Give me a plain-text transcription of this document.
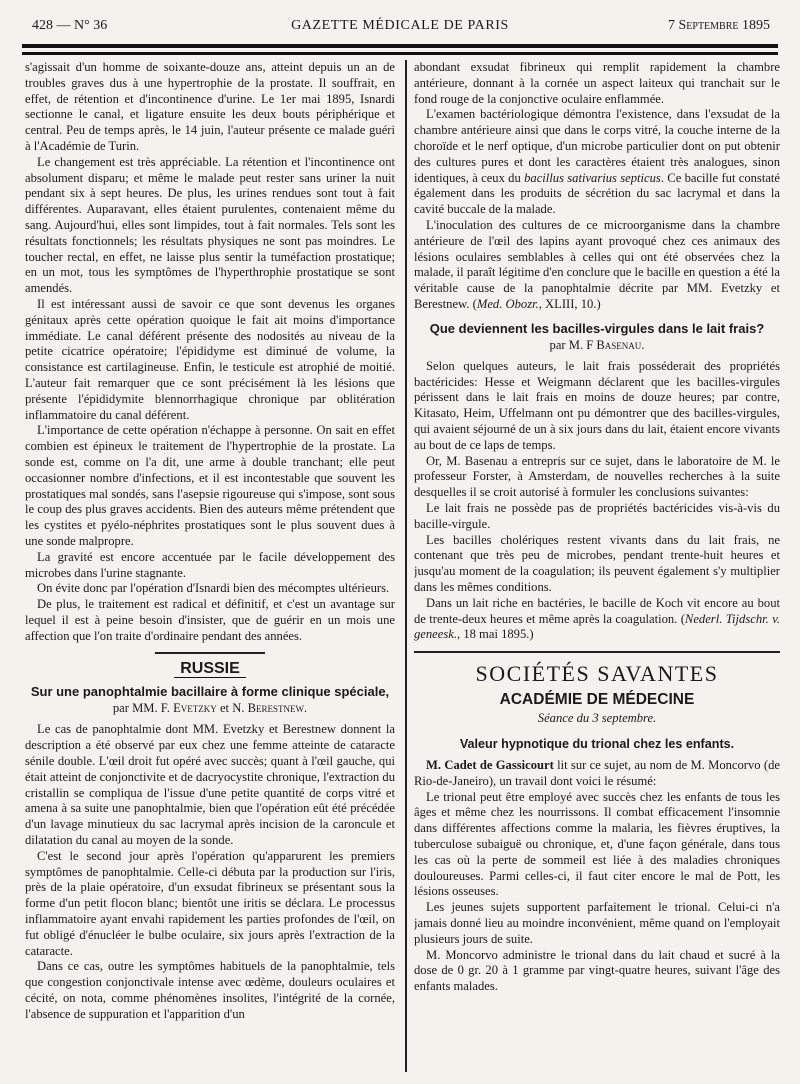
428 — N° 36	GAZETTE MÉDICALE DE PARIS	7 Septembre 1895

s'agissait d'un homme de soixante-douze ans, atteint depuis un an de troubles graves dus à une hypertrophie de la prostate. Il souffrait, en effet, de rétention et d'incontinence d'urine. Le 1er mai 1895, Isnardi sectionne le canal, et ligature ensuite les deux bouts périphérique et central. Peu de temps après, le 14 juin, l'auteur présente ce malade guéri à l'Académie de Turin.

Le changement est très appréciable. La rétention et l'incontinence ont absolument disparu; et même le malade peut rester sans uriner la nuit pendant six à sept heures. De plus, les urines rendues sont tout à fait différentes. Auparavant, elles étaient purulentes, contenaient même du sang. Aujourd'hui, elles sont limpides, tout à fait normales. Tels sont les résultats fonctionnels; les résultats physiques ne sont pas moindres. Le toucher rectal, en effet, ne laisse plus sentir la tuméfaction prostatique; en un mot, tous les symptômes de l'hyperthrophie prostatique se sont amendés.

Il est intéressant aussi de savoir ce que sont devenus les organes génitaux après cette opération quoique le fait ait moins d'importance immédiate. Le canal déférent présente des nodosités au niveau de la petite cicatrice opératoire; l'épididyme est diminué de volume, la consistance est cartilagineuse. Enfin, le testicule est atrophié de moitié. L'auteur fait remarquer que ce sont précisément là les lésions que présente l'épididymite blennorrhagique chronique par oblitération inflammatoire du canal déférent.

L'importance de cette opération n'échappe à personne. On sait en effet combien est épineux le traitement de l'hypertrophie de la prostate. La sonde est, comme on l'a dit, une arme à double tranchant; elle peut occasionner nombre d'infections, et il est incontestable que souvent les prostatiques mal sondés, sans l'asepsie rigoureuse qui s'impose, sont sous le coup des plus graves accidents. Bien des auteurs même prétendent que les cystites et pyélo-néphrites prostatiques sont le plus souvent dues à une sonde malpropre.

La gravité est encore accentuée par le facile développement des microbes dans l'urine stagnante.

On évite donc par l'opération d'Isnardi bien des mécomptes ultérieurs.

De plus, le traitement est radical et définitif, et c'est un avantage sur lequel il est à peine besoin d'insister, que de guérir en un mois une affection que l'on traite d'ordinaire pendant des années.

RUSSIE
Sur une panophtalmie bacillaire à forme clinique spéciale,
par MM. F. Evetzky et N. Berestnew.

Le cas de panophtalmie dont MM. Evetzky et Berestnew donnent la description a été observé par eux chez une femme atteinte de cataracte sénile double. L'œil droit fut opéré avec succès; quant à l'œil gauche, qui était atteint de conjonctivite et de dacryocystite chronique, l'extraction du cristallin se compliqua de l'issue d'une petite quantité de corps vitré et amena à sa suite une panophtalmie, bien que l'opération eût été précédée d'un lavage minutieux du sac lacrymal après incision de la caroncule et dilatation du canal au moyen de la sonde.

C'est le second jour après l'opération qu'apparurent les premiers symptômes de panophtalmie. Celle-ci débuta par la production sur l'iris, près de la plaie opératoire, d'un exsudat fibrineux se présentant sous la forme d'un petit flocon blanc; bientôt une iritis se déclara. Le processus inflammatoire ayant envahi rapidement les parties profondes de l'œil, on fut obligé d'énucléer le bulbe oculaire, six jours après l'extraction de la cataracte.

Dans ce cas, outre les symptômes habituels de la panophtalmie, tels que congestion conjonctivale intense avec œdème, douleurs oculaires et cécité, on nota, comme phénomènes insolites, l'intégrité de la cornée, l'absence de suppuration et l'apparition d'un

abondant exsudat fibrineux qui remplit rapidement la chambre antérieure, donnant à la cornée un aspect laiteux qui tranchait sur le fond rouge de la conjonctive oculaire enflammée.

L'examen bactériologique démontra l'existence, dans l'exsudat de la chambre antérieure ainsi que dans le corps vitré, la couche interne de la choroïde et le nerf optique, d'un microbe particulier dont on put obtenir des cultures pures et dont les caractères étaient très analogues, sinon identiques, à ceux du bacillus sativarius septicus. Ce bacille fut constaté également dans les produits de sécrétion du sac lacrymal et dans la cavité buccale de la malade.

L'inoculation des cultures de ce microorganisme dans la chambre antérieure de l'œil des lapins ayant provoqué chez ces animaux des lésions oculaires semblables à celles qui ont été observées chez la malade, il paraît légitime d'en conclure que le bacille en question a été la véritable cause de la panophtalmie décrite par MM. Evetzky et Berestnew. (Med. Obozr., XLIII, 10.)

Que deviennent les bacilles-virgules dans le lait frais?
par M. F Basenau.

Selon quelques auteurs, le lait frais posséderait des propriétés bactéricides: Hesse et Weigmann déclarent que les bacilles-virgules périssent dans le lait frais en moins de douze heures; par contre, Kitasato, Heim, Uffelmann ont pu démontrer que des bacilles-virgules, qui avaient séjourné de un à six jours dans du lait, étaient encore vivants au bout de ce laps de temps.

Or, M. Basenau a entrepris sur ce sujet, dans le laboratoire de M. le professeur Forster, à Amsterdam, de nouvelles recherches à la suite desquelles il se croit autorisé à formuler les conclusions suivantes:

Le lait frais ne possède pas de propriétés bactéricides vis-à-vis du bacille-virgule.

Les bacilles cholériques restent vivants dans du lait frais, ne contenant que très peu de microbes, pendant trente-huit heures et jusqu'au moment de la coagulation; ils peuvent également s'y multiplier dans les mêmes conditions.

Dans un lait riche en bactéries, le bacille de Koch vit encore au bout de trente-deux heures et même après la coagulation. (Nederl. Tijdschr. v. geneesk., 18 mai 1895.)

SOCIÉTÉS SAVANTES
ACADÉMIE DE MÉDECINE
Séance du 3 septembre.
Valeur hypnotique du trional chez les enfants.

M. Cadet de Gassicourt lit sur ce sujet, au nom de M. Moncorvo (de Rio-de-Janeiro), un travail dont voici le résumé:

Le trional peut être employé avec succès chez les enfants de tous les âges et même chez les nourrissons. Il combat efficacement l'insomnie dans différentes affections comme la malaria, les fièvres éruptives, la tuberculose subaiguë ou chronique, et, d'une façon générale, dans tous les cas où la perte de sommeil est liée à des maladies chroniques douloureuses. Parmi celles-ci, il faut citer encore le mal de Pott, les lésions osseuses.

Les jeunes sujets supportent parfaitement le trional. Celui-ci n'a jamais donné lieu au moindre inconvénient, même quand on l'employait plusieurs jours de suite.

M. Moncorvo administre le trional dans du lait chaud et sucré à la dose de 0 gr. 20 à 1 gramme par vingt-quatre heures, suivant l'âge des enfants malades.
